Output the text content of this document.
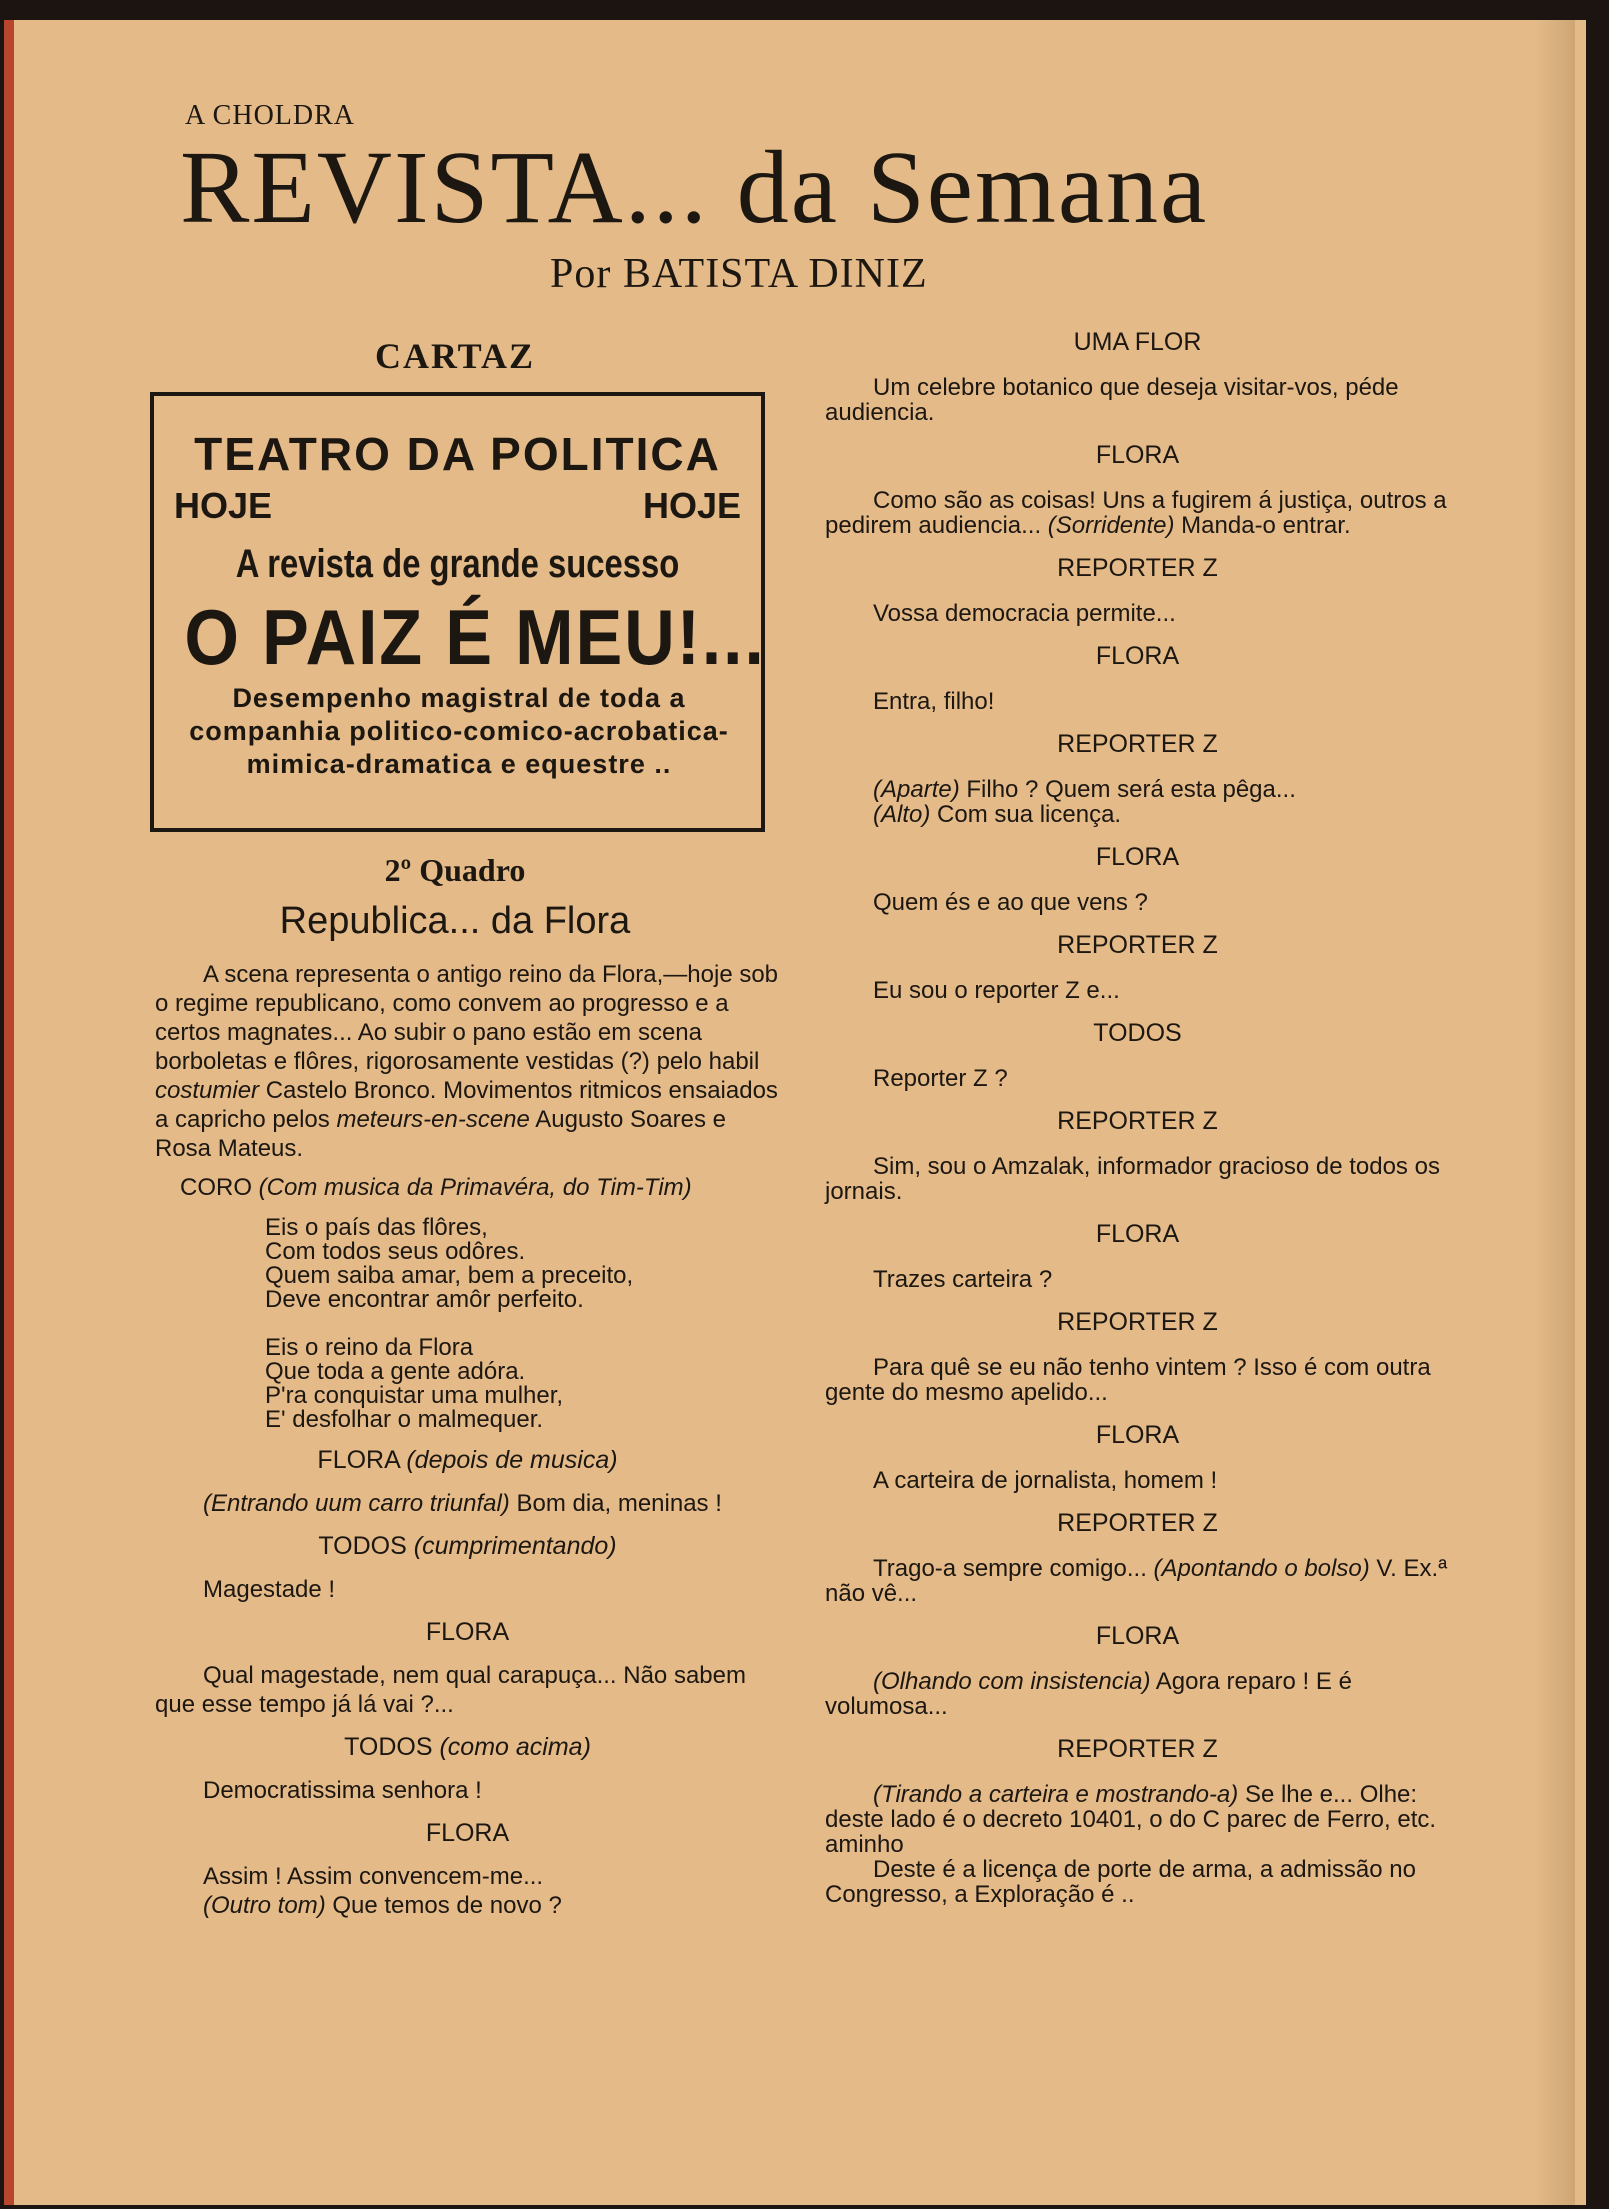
A CHOLDRA
REVISTA... da Semana
Por BATISTA DINIZ
CARTAZ
TEATRO DA POLITICA
HOJE	HOJE
A revista de grande sucesso
O PAIZ É MEU!...
Desempenho magistral de toda a companhia politico-comico-acrobatica-mimica-dramatica e equestre ..
2º Quadro
Republica... da Flora

A scena representa o antigo reino da Flora,—hoje sob o regime republicano, como convem ao progresso e a certos magnates... Ao subir o pano estão em scena borboletas e flôres, rigorosamente vestidas (?) pelo habil costumier Castelo Bronco. Movimentos ritmicos ensaiados a capricho pelos meteurs-en-scene Augusto Soares e Rosa Mateus.

CORO (Com musica da Primavéra, do Tim-Tim)

Eis o país das flôres,

Com todos seus odôres.

Quem saiba amar, bem a preceito,

Deve encontrar amôr perfeito.

Eis o reino da Flora

Que toda a gente adóra.

P'ra conquistar uma mulher,

E' desfolhar o malmequer.

FLORA (depois de musica)

(Entrando uum carro triunfal) Bom dia, meninas !

TODOS (cumprimentando)

Magestade !

FLORA

Qual magestade, nem qual carapuça... Não sabem que esse tempo já lá vai ?...

TODOS (como acima)

Democratissima senhora !

FLORA

Assim ! Assim convencem-me...

(Outro tom) Que temos de novo ?

UMA FLOR

Um celebre botanico que deseja visitar-vos, péde audiencia.

FLORA

Como são as coisas! Uns a fugirem á justiça, outros a pedirem audiencia... (Sorridente) Manda-o entrar.

REPORTER Z

Vossa democracia permite...

FLORA

Entra, filho!

REPORTER Z

(Aparte) Filho ? Quem será esta pêga...

(Alto) Com sua licença.

FLORA

Quem és e ao que vens ?

REPORTER Z

Eu sou o reporter Z e...

TODOS

Reporter Z ?

REPORTER Z

Sim, sou o Amzalak, informador gracioso de todos os jornais.

FLORA

Trazes carteira ?

REPORTER Z

Para quê se eu não tenho vintem ? Isso é com outra gente do mesmo apelido...

FLORA

A carteira de jornalista, homem !

REPORTER Z

Trago-a sempre comigo... (Apontando o bolso) V. Ex.ª não vê...

FLORA

(Olhando com insistencia) Agora reparo ! E é volumosa...

REPORTER Z

(Tirando a carteira e mostrando-a) Se lhe e... Olhe: deste lado é o decreto 10401, o do C parec de Ferro, etc. aminho

Deste é a licença de porte de arma, a admissão no Congresso, a Exploração é ..
